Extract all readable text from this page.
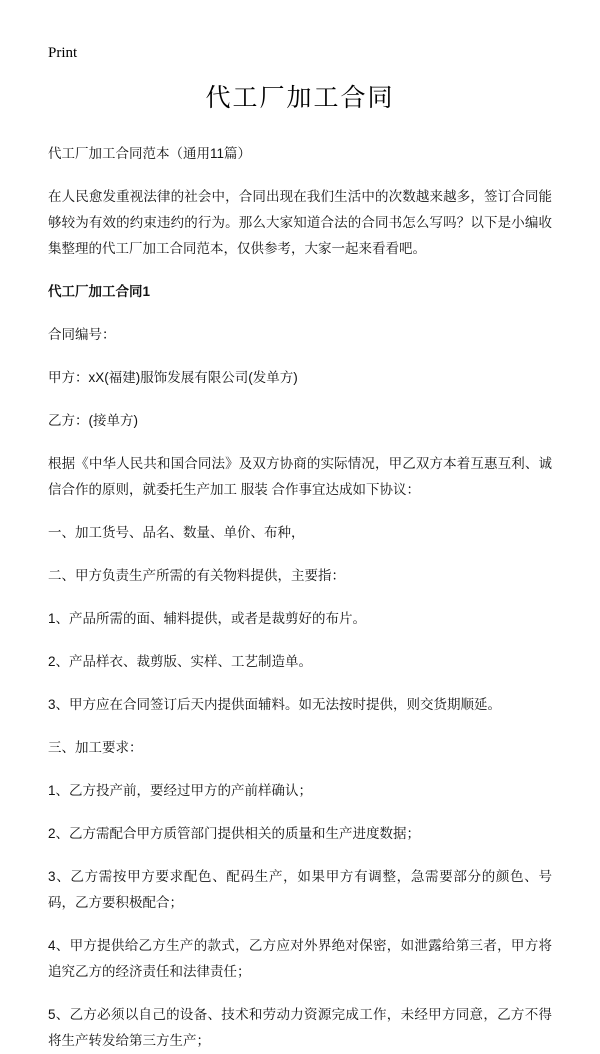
Print
代工厂加工合同

代工厂加工合同范本（通用11篇）

在人民愈发重视法律的社会中，合同出现在我们生活中的次数越来越多，签订合同能够较为有效的约束违约的行为。那么大家知道合法的合同书怎么写吗？以下是小编收集整理的代工厂加工合同范本，仅供参考，大家一起来看看吧。

代工厂加工合同1

合同编号：

甲方：xX(福建)服饰发展有限公司(发单方)

乙方：(接单方)

根据《中华人民共和国合同法》及双方协商的实际情况，甲乙双方本着互惠互利、诚信合作的原则，就委托生产加工 服装 合作事宜达成如下协议：

一、加工货号、品名、数量、单价、布种，

二、甲方负责生产所需的有关物料提供，主要指：

1、产品所需的面、辅料提供，或者是裁剪好的布片。

2、产品样衣、裁剪版、实样、工艺制造单。

3、甲方应在合同签订后天内提供面辅料。如无法按时提供，则交货期顺延。

三、加工要求：

1、乙方投产前，要经过甲方的产前样确认；

2、乙方需配合甲方质管部门提供相关的质量和生产进度数据；

3、乙方需按甲方要求配色、配码生产，如果甲方有调整，急需要部分的颜色、号码，乙方要积极配合；

4、甲方提供给乙方生产的款式，乙方应对外界绝对保密，如泄露给第三者，甲方将追究乙方的经济责任和法律责任；

5、乙方必须以自己的设备、技术和劳动力资源完成工作，未经甲方同意，乙方不得将生产转发给第三方生产；
